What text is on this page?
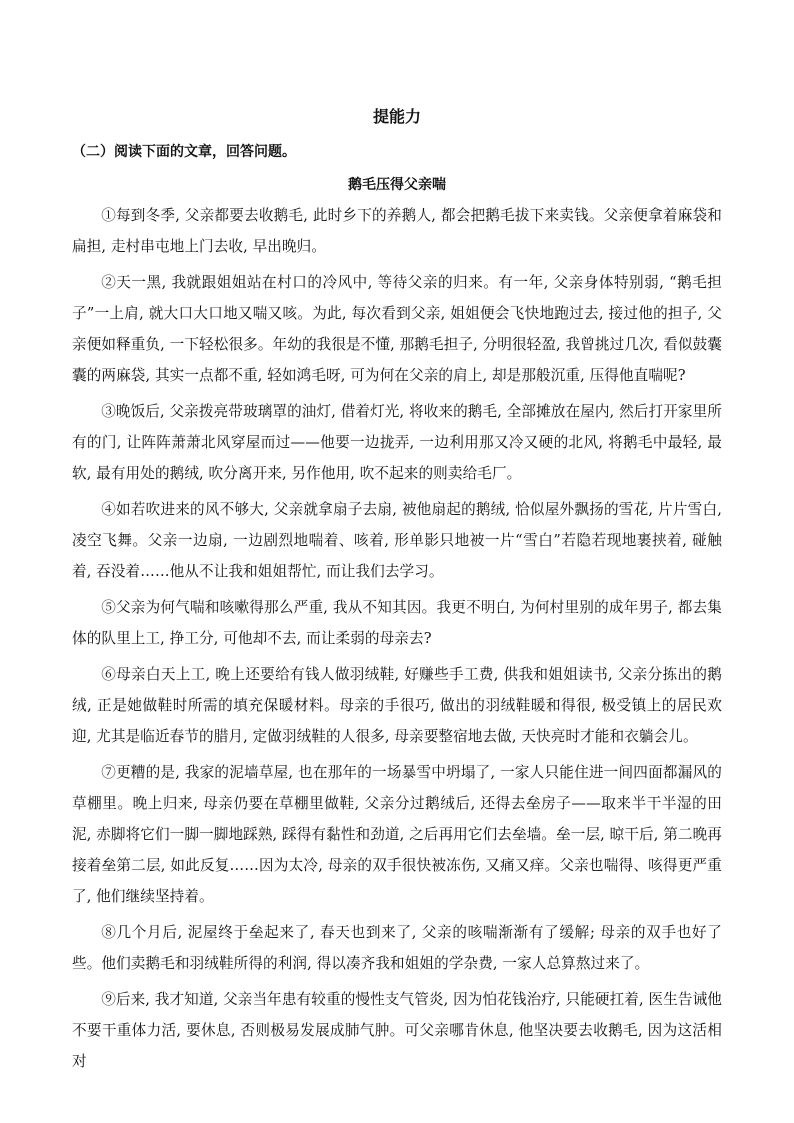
提能力

（二）阅读下面的文章，回答问题。

鹅毛压得父亲喘

①每到冬季, 父亲都要去收鹅毛, 此时乡下的养鹅人, 都会把鹅毛拔下来卖钱。父亲便拿着麻袋和扁担, 走村串屯地上门去收, 早出晚归。

②天一黑, 我就跟姐姐站在村口的冷风中, 等待父亲的归来。有一年, 父亲身体特别弱, “鹅毛担子”一上肩, 就大口大口地又喘又咳。为此, 每次看到父亲, 姐姐便会飞快地跑过去, 接过他的担子, 父亲便如释重负, 一下轻松很多。年幼的我很是不懂, 那鹅毛担子, 分明很轻盈, 我曾挑过几次, 看似鼓囊囊的两麻袋, 其实一点都不重, 轻如鸿毛呀, 可为何在父亲的肩上, 却是那般沉重, 压得他直喘呢?

③晚饭后, 父亲拨亮带玻璃罩的油灯, 借着灯光, 将收来的鹅毛, 全部摊放在屋内, 然后打开家里所有的门, 让阵阵萧萧北风穿屋而过——他要一边拢弄, 一边利用那又冷又硬的北风, 将鹅毛中最轻, 最软, 最有用处的鹅绒, 吹分离开来, 另作他用, 吹不起来的则卖给毛厂。

④如若吹进来的风不够大, 父亲就拿扇子去扇, 被他扇起的鹅绒, 恰似屋外飘扬的雪花, 片片雪白, 凌空飞舞。父亲一边扇, 一边剧烈地喘着、咳着, 形单影只地被一片“雪白”若隐若现地裹挟着, 碰触着, 吞没着……他从不让我和姐姐帮忙, 而让我们去学习。

⑤父亲为何气喘和咳嗽得那么严重, 我从不知其因。我更不明白, 为何村里别的成年男子, 都去集体的队里上工, 挣工分, 可他却不去, 而让柔弱的母亲去?

⑥母亲白天上工, 晚上还要给有钱人做羽绒鞋, 好赚些手工费, 供我和姐姐读书, 父亲分拣出的鹅绒, 正是她做鞋时所需的填充保暖材料。母亲的手很巧, 做出的羽绒鞋暖和得很, 极受镇上的居民欢迎, 尤其是临近春节的腊月, 定做羽绒鞋的人很多, 母亲要整宿地去做, 天快亮时才能和衣躺会儿。

⑦更糟的是, 我家的泥墙草屋, 也在那年的一场暴雪中坍塌了, 一家人只能住进一间四面都漏风的草棚里。晚上归来, 母亲仍要在草棚里做鞋, 父亲分过鹅绒后, 还得去垒房子——取来半干半湿的田泥, 赤脚将它们一脚一脚地踩熟, 踩得有黏性和劲道, 之后再用它们去垒墙。垒一层, 晾干后, 第二晚再接着垒第二层, 如此反复……因为太冷, 母亲的双手很快被冻伤, 又痛又痒。父亲也喘得、咳得更严重了, 他们继续坚持着。

⑧几个月后, 泥屋终于垒起来了, 春天也到来了, 父亲的咳喘渐渐有了缓解; 母亲的双手也好了些。他们卖鹅毛和羽绒鞋所得的利润, 得以凑齐我和姐姐的学杂费, 一家人总算熬过来了。

⑨后来, 我才知道, 父亲当年患有较重的慢性支气管炎, 因为怕花钱治疗, 只能硬扛着, 医生告诫他不要干重体力活, 要休息, 否则极易发展成肺气肿。可父亲哪肯休息, 他坚决要去收鹅毛, 因为这活相对
